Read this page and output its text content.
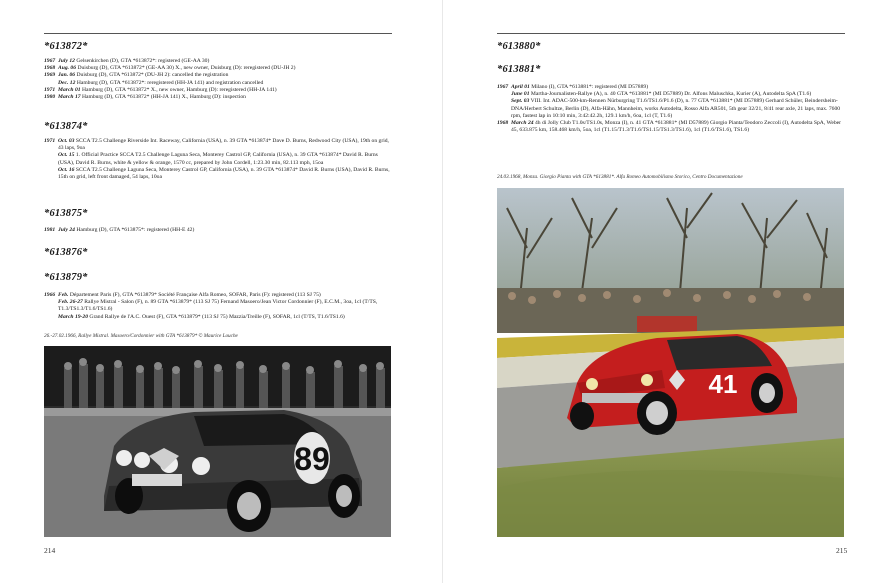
*613872*
1967 July 12 Gelsenkirchen (D), GTA *613872*: registered (GE-AA 30)
1968 Aug. 06 Duisburg (D), GTA *613872* (GE-AA 30) X., new owner, Duisburg (D): reregistered (DU-JH 2)
1969 Jan. 06 Duisburg (D), GTA *613872* (DU-JH 2): cancelled the registration
Dec. 12 Hamburg (D), GTA *613872*: reregistered (HH-JA 141) and registration cancelled
1971 March 01 Hamburg (D), GTA *613872* X., new owner, Hamburg (D): reregistered (HH-JA 141)
1980 March 17 Hamburg (D), GTA *613872* (HH-JA 141) X., Hamburg (D): inspection
*613874*
1971 Oct. 03 SCCA T2.5 Challenge Riverside Int. Raceway, California (USA), n. 39 GTA *613874* Dave D. Burns, Redwood City (USA), 19th on grid, 43 laps, 9oa
Oct. 15 1. Official Practice SCCA T2.5 Challenge Laguna Seca, Monterey Castrol GP, California (USA), n. 39 GTA *613874* David R. Burns (USA), David R. Burns, white & yellow & orange, 1570 cc, prepared by John Cordell, 1:23.30 min, 82.113 mph, 15oa
Oct. 16 SCCA T2.5 Challenge Laguna Seca, Monterey Castrol GP, California (USA), n. 39 GTA *613874* David R. Burns (USA), David R. Burns, 15th on grid, left front damaged, 54 laps, 10oa
*613875*
1981 July 24 Hamburg (D), GTA *613875*: registered (HH-E 42)
*613876*
*613879*
1966 Feb. Département Paris (F), GTA *613879* Société Française Alfa Romeo, SOFAR, Paris (F): registered (113 SJ 75)
Feb. 26-27 Rallye Mistral - Salon (F), n. 89 GTA *613879* (113 SJ 75) Fernand Masoero/Jean Victor Cordonnier (F), E.C.M., 3oa, 1cl (T/TS, T1.3/TS1.3/T1.6/TS1.6)
March 19-20 Grand Rallye de l'A.C. Ouest (F), GTA *613879* (113 SJ 75) Mazzia/Treille (F), SOFAR, 1cl (T/TS, T1.6/TS1.6)
26.-27.02.1966, Rallye Mistral. Masoero/Cordonnier with GTA *613879* © Maurice Louche
89
214
*613880*
*613881*
1967 April 01 Milano (I), GTA *613881*: registered (MI D57889)
June 01 Martha-Journalisten-Rallye (A), n. 40 GTA *613881* (MI D57889) Dr. Alfons Maluschka, Kurier (A), Autodelta SpA (T1.6)
Sept. 03 VIII. Int. ADAC-500-km-Rennen Nürburgring T1.6/TS1.6/P1.6 (D), n. 77 GTA *613881* (MI D57889) Gerhard Schüler, Beindersheim-DNA/Herbert Schultze, Berlin (D), Alfa-Hähn, Mannheim, works Autodelta, Rosso Alfa AR501, 5th gear 32/21, 8/41 rear axle, 21 laps, max. 7600 rpm, fastest lap in 10:10 min, 3:42:42.2h, 129.1 km/h, 6oa, 1cl (T, T1.6)
1968 March 24 4h di Jolly Club T1.0s/TS1.0s, Monza (I), n. 41 GTA *613881* (MI D57889) Giorgio Pianta/Teodoro Zeccoli (I), Autodelta SpA, Weber 45, 633.875 km, 158.468 km/h, 5oa, 1cl (T1.15/T1.3/T1.6/TS1.15/TS1.3/TS1.6), 1cl (T1.6/TS1.6), TS1.6)
24.03.1968, Monza. Giorgio Pianta with GTA *613881*. Alfa Romeo Automobilismo Storico, Centro Documentazione
41
215
